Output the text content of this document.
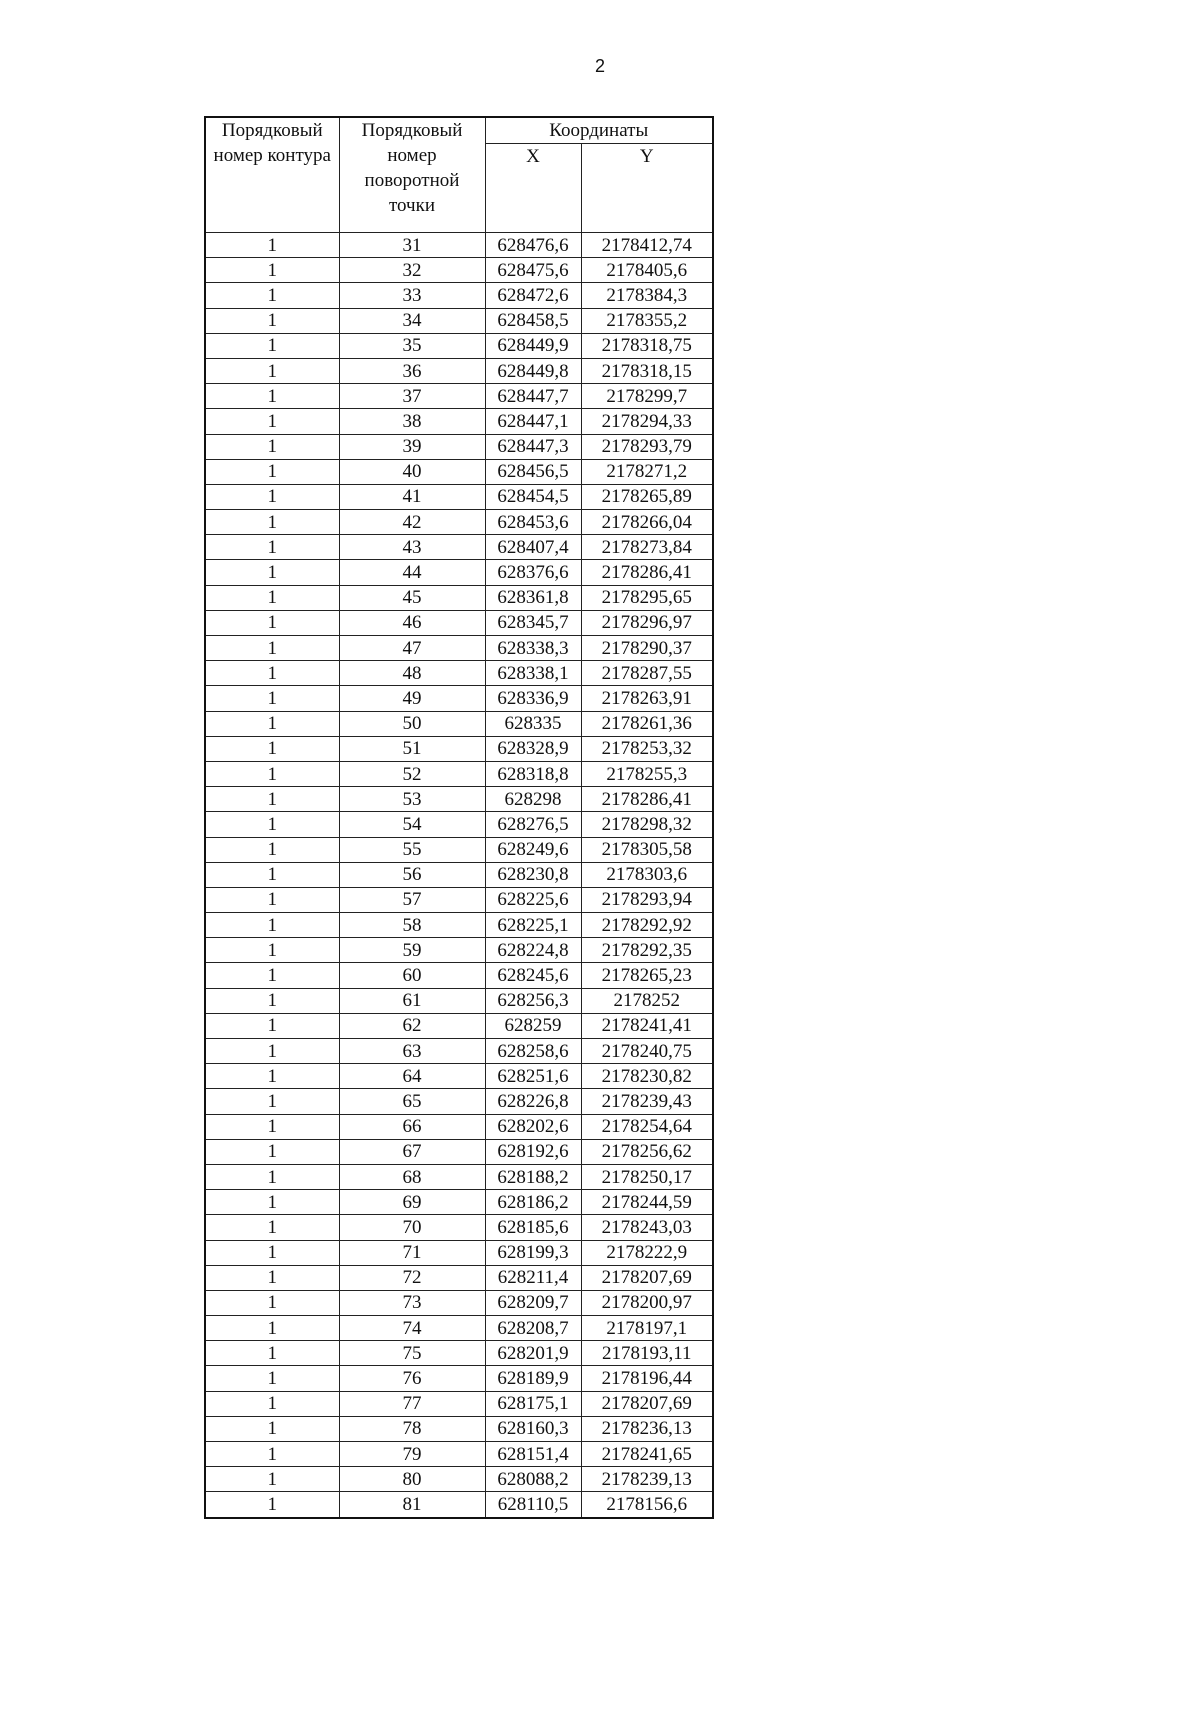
2
Порядковый номер контура	Порядковый номер поворотной точки	Координаты	
		X	Y
1	31	628476,6	2178412,74
1	32	628475,6	2178405,6
1	33	628472,6	2178384,3
1	34	628458,5	2178355,2
1	35	628449,9	2178318,75
1	36	628449,8	2178318,15
1	37	628447,7	2178299,7
1	38	628447,1	2178294,33
1	39	628447,3	2178293,79
1	40	628456,5	2178271,2
1	41	628454,5	2178265,89
1	42	628453,6	2178266,04
1	43	628407,4	2178273,84
1	44	628376,6	2178286,41
1	45	628361,8	2178295,65
1	46	628345,7	2178296,97
1	47	628338,3	2178290,37
1	48	628338,1	2178287,55
1	49	628336,9	2178263,91
1	50	628335	2178261,36
1	51	628328,9	2178253,32
1	52	628318,8	2178255,3
1	53	628298	2178286,41
1	54	628276,5	2178298,32
1	55	628249,6	2178305,58
1	56	628230,8	2178303,6
1	57	628225,6	2178293,94
1	58	628225,1	2178292,92
1	59	628224,8	2178292,35
1	60	628245,6	2178265,23
1	61	628256,3	2178252
1	62	628259	2178241,41
1	63	628258,6	2178240,75
1	64	628251,6	2178230,82
1	65	628226,8	2178239,43
1	66	628202,6	2178254,64
1	67	628192,6	2178256,62
1	68	628188,2	2178250,17
1	69	628186,2	2178244,59
1	70	628185,6	2178243,03
1	71	628199,3	2178222,9
1	72	628211,4	2178207,69
1	73	628209,7	2178200,97
1	74	628208,7	2178197,1
1	75	628201,9	2178193,11
1	76	628189,9	2178196,44
1	77	628175,1	2178207,69
1	78	628160,3	2178236,13
1	79	628151,4	2178241,65
1	80	628088,2	2178239,13
1	81	628110,5	2178156,6
